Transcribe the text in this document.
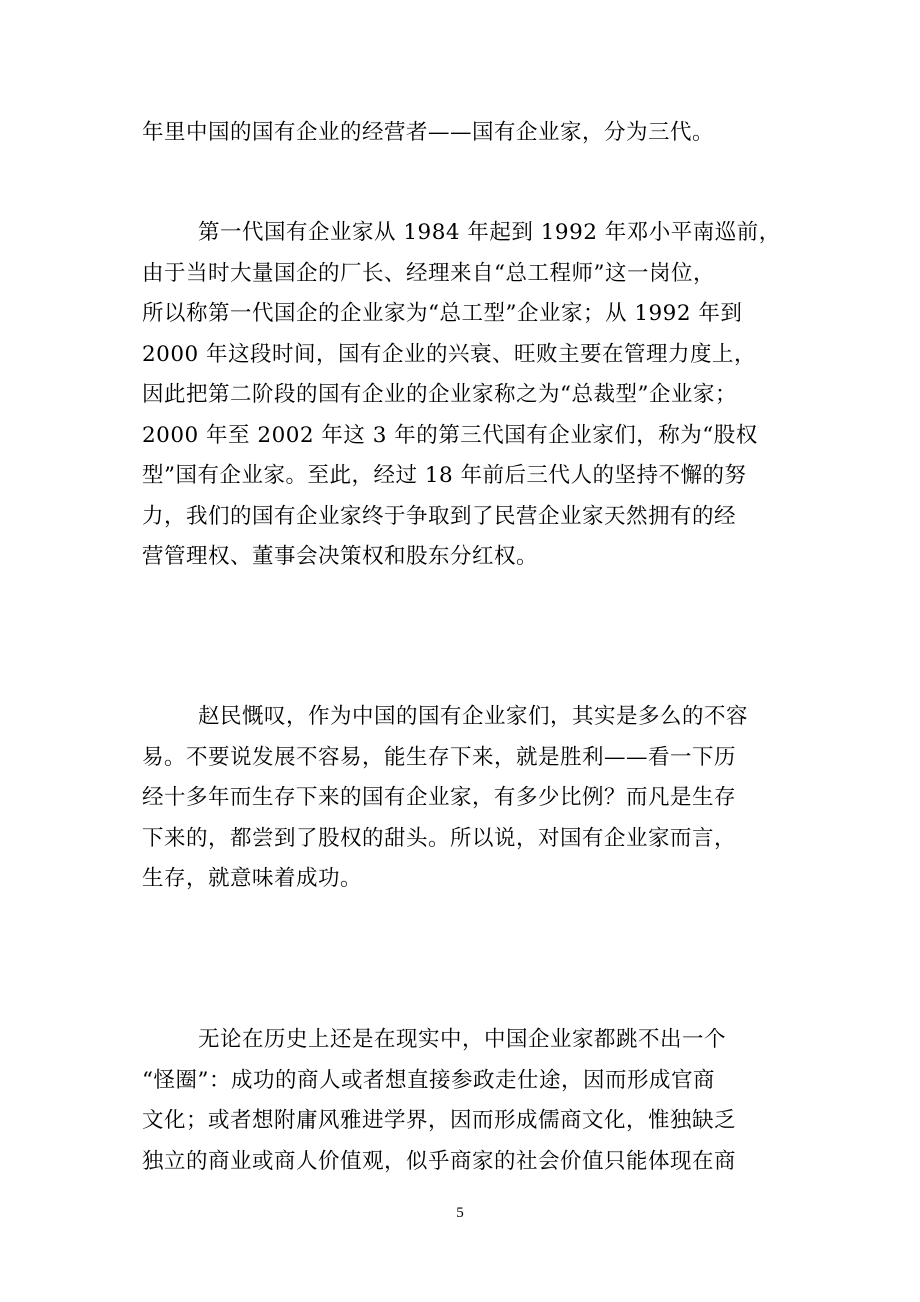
年里中国的国有企业的经营者——国有企业家，分为三代。
第一代国有企业家从 1984 年起到 1992 年邓小平南巡前，
由于当时大量国企的厂长、经理来自“总工程师”这一岗位，
所以称第一代国企的企业家为“总工型”企业家；从 1992 年到
2000 年这段时间，国有企业的兴衰、旺败主要在管理力度上，
因此把第二阶段的国有企业的企业家称之为“总裁型”企业家；
2000 年至 2002 年这 3 年的第三代国有企业家们，称为“股权
型”国有企业家。至此，经过 18 年前后三代人的坚持不懈的努
力，我们的国有企业家终于争取到了民营企业家天然拥有的经
营管理权、董事会决策权和股东分红权。
赵民慨叹，作为中国的国有企业家们，其实是多么的不容
易。不要说发展不容易，能生存下来，就是胜利——看一下历
经十多年而生存下来的国有企业家，有多少比例？而凡是生存
下来的，都尝到了股权的甜头。所以说，对国有企业家而言，
生存，就意味着成功。
无论在历史上还是在现实中，中国企业家都跳不出一个
“怪圈”：成功的商人或者想直接参政走仕途，因而形成官商
文化；或者想附庸风雅进学界，因而形成儒商文化，惟独缺乏
独立的商业或商人价值观，似乎商家的社会价值只能体现在商
5
